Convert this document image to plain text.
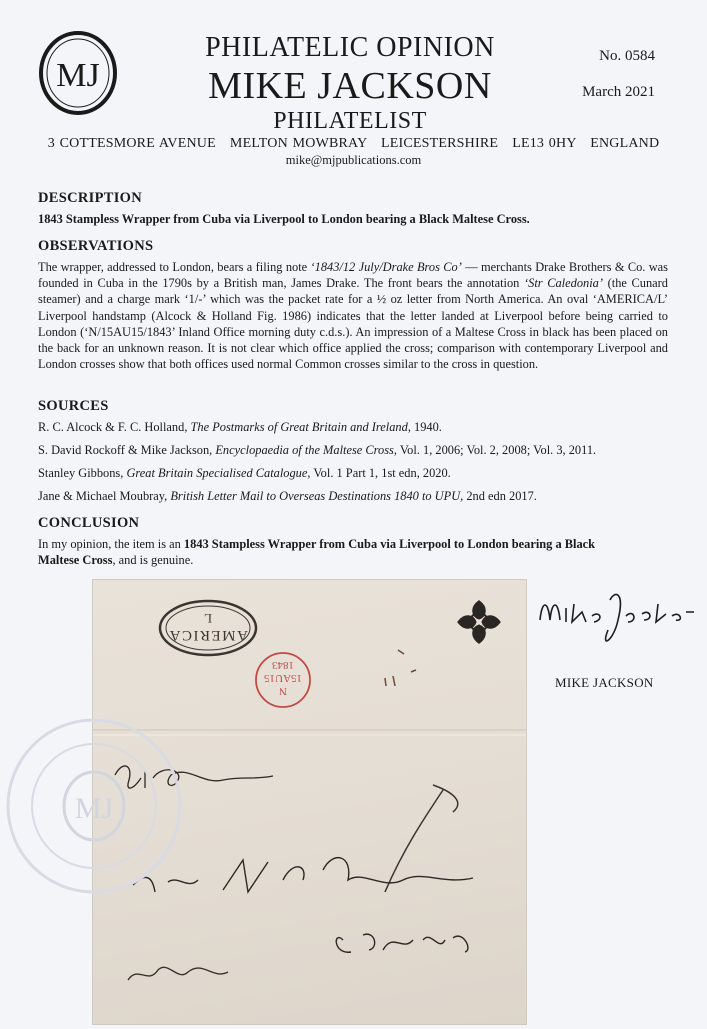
MJ
PHILATELIC OPINION
MIKE JACKSON
PHILATELIST
3 COTTESMORE AVENUE   MELTON MOWBRAY   LEICESTERSHIRE   LE13 0HY   ENGLAND
mike@mjpublications.com
No. 0584
March 2021
DESCRIPTION
1843 Stampless Wrapper from Cuba via Liverpool to London bearing a Black Maltese Cross.
OBSERVATIONS
The wrapper, addressed to London, bears a filing note ‘1843/12 July/Drake Bros Co’ — merchants Drake Brothers & Co. was founded in Cuba in the 1790s by a British man, James Drake. The front bears the annotation ‘Str Caledonia’ (the Cunard steamer) and a charge mark ‘1/-’ which was the packet rate for a ½ oz letter from North America. An oval ‘AMERICA/L’ Liverpool handstamp (Alcock & Holland Fig. 1986) indicates that the letter landed at Liverpool before being carried to London (‘N/15AU15/1843’ Inland Office morning duty c.d.s.). An impression of a Maltese Cross in black has been placed on the back for an unknown reason. It is not clear which office applied the cross; comparison with contemporary Liverpool and London crosses show that both offices used normal Common crosses similar to the cross in question.
SOURCES
R. C. Alcock & F. C. Holland, The Postmarks of Great Britain and Ireland, 1940.
S. David Rockoff & Mike Jackson, Encyclopaedia of the Maltese Cross, Vol. 1, 2006; Vol. 2, 2008; Vol. 3, 2011.
Stanley Gibbons, Great Britain Specialised Catalogue, Vol. 1 Part 1, 1st edn, 2020.
Jane & Michael Moubray, British Letter Mail to Overseas Destinations 1840 to UPU, 2nd edn 2017.
CONCLUSION
In my opinion, the item is an 1843 Stampless Wrapper from Cuba via Liverpool to London bearing a Black Maltese Cross, and is genuine.
AMERICA
L
N
15AU15
1843
MJ
MIKE JACKSON
